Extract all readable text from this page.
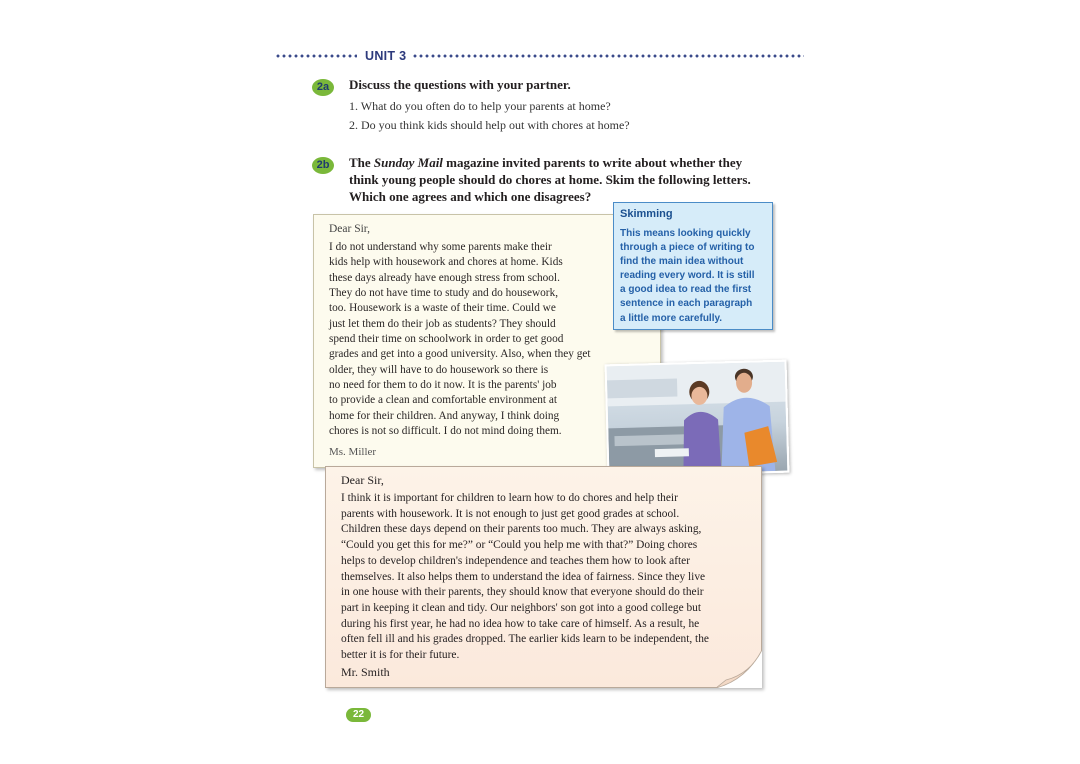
UNIT 3
2a	Discuss the questions with your partner.
1. What do you often do to help your parents at home?
2. Do you think kids should help out with chores at home?
2b	The Sunday Mail magazine invited parents to write about whether they
think young people should do chores at home. Skim the following letters.
Which one agrees and which one disagrees?
Dear Sir,

I do not understand why some parents make their
kids help with housework and chores at home. Kids
these days already have enough stress from school.
They do not have time to study and do housework,
too. Housework is a waste of their time. Could we
just let them do their job as students? They should
spend their time on schoolwork in order to get good
grades and get into a good university. Also, when they get
older, they will have to do housework so there is
no need for them to do it now. It is the parents' job
to provide a clean and comfortable environment at
home for their children. And anyway, I think doing
chores is not so difficult. I do not mind doing them.

Ms. Miller
Skimming

This means looking quickly
through a piece of writing to
find the main idea without
reading every word. It is still
a good idea to read the first
sentence in each paragraph
a little more carefully.

Dear Sir,

I think it is important for children to learn how to do chores and help their
parents with housework. It is not enough to just get good grades at school.
Children these days depend on their parents too much. They are always asking,
“Could you get this for me?” or “Could you help me with that?” Doing chores
helps to develop children's independence and teaches them how to look after
themselves. It also helps them to understand the idea of fairness. Since they live
in one house with their parents, they should know that everyone should do their
part in keeping it clean and tidy. Our neighbors' son got into a good college but
during his first year, he had no idea how to take care of himself. As a result, he
often fell ill and his grades dropped. The earlier kids learn to be independent, the
better it is for their future.

Mr. Smith
22
